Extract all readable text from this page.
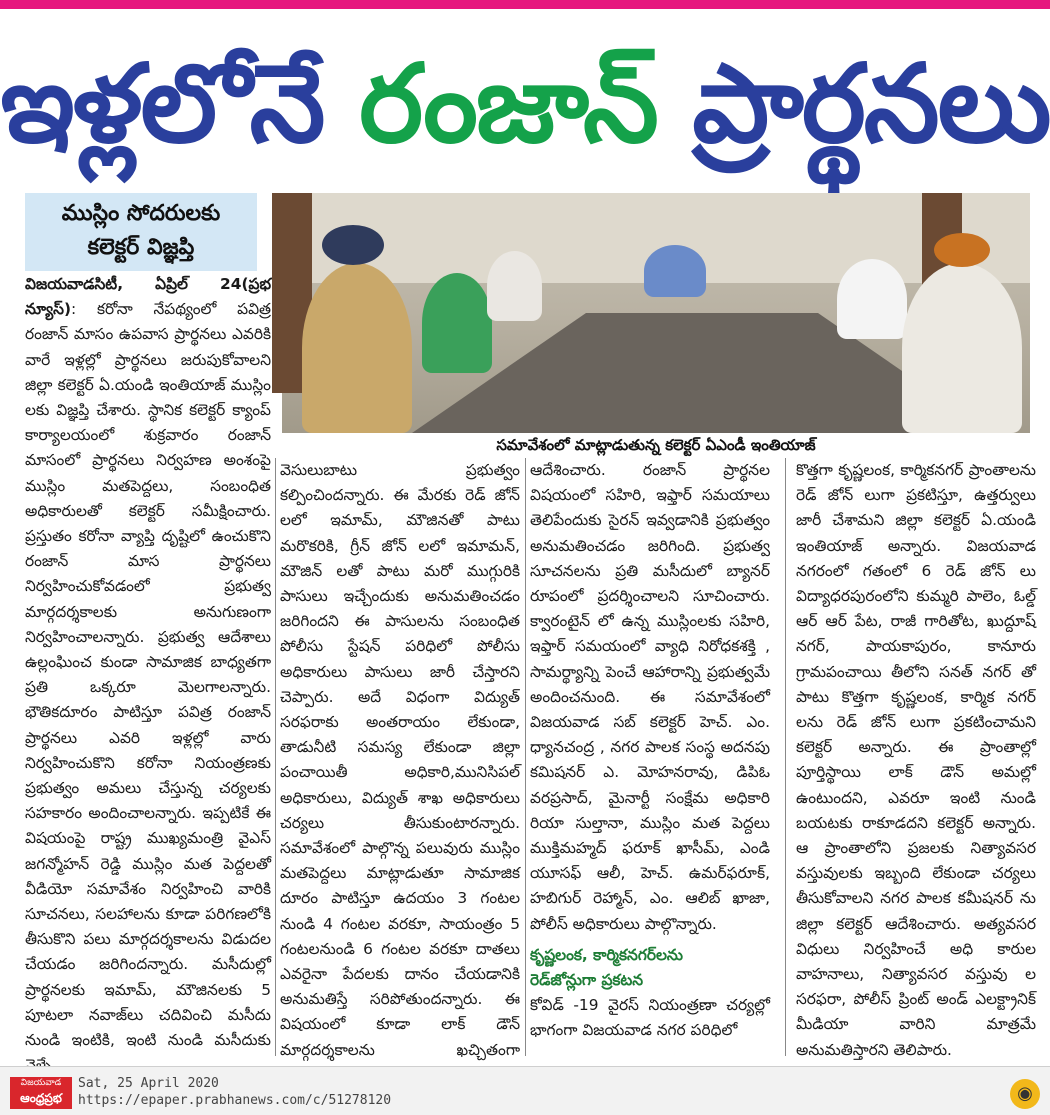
ఇళ్లలోనే రంజాన్ ప్రార్థనలు
ముస్లిం సోదరులకు
కలెక్టర్ విజ్ఞప్తి
సమావేశంలో మాట్లాడుతున్న కలెక్టర్ ఏఎండీ ఇంతియాజ్

విజయవాడసిటీ, ఏప్రిల్ 24(ప్రభ న్యూస్): కరోనా నేపథ్యంలో పవిత్ర రంజాన్ మాసం ఉపవాస ప్రార్థనలు ఎవరికి వారే ఇళ్లల్లో ప్రార్థనలు జరుపుకోవాలని జిల్లా కలెక్టర్ ఏ.యండి ఇంతియాజ్ ముస్లిం లకు విజ్ఞప్తి చేశారు. స్థానిక కలెక్టర్ క్యాంప్ కార్యాలయంలో శుక్రవారం రంజాన్ మాసంలో ప్రార్థనలు నిర్వహణ అంశంపై ముస్లిం మతపెద్దలు, సంబంధిత అధికారులతో కలెక్టర్ సమీక్షించారు. ప్రస్తుతం కరోనా వ్యాప్తి దృష్టిలో ఉంచుకొని రంజాన్ మాస ప్రార్థనలు నిర్వహించుకోవడంలో ప్రభుత్వ మార్గదర్శకాలకు అనుగుణంగా నిర్వహించాలన్నారు. ప్రభుత్వ ఆదేశాలు ఉల్లంఘించ కుండా సామాజిక బాధ్యతగా ప్రతి ఒక్కరూ మెలగాలన్నారు. భౌతికదూరం పాటిస్తూ పవిత్ర రంజాన్ ప్రార్థనలు ఎవరి ఇళ్లల్లో వారు నిర్వహించుకొని కరోనా నియంత్రణకు ప్రభుత్వం అమలు చేస్తున్న చర్యలకు సహకారం అందించాలన్నారు. ఇప్పటికే ఈ విషయంపై రాష్ట్ర ముఖ్యమంత్రి వైఎస్ జగన్మోహన్ రెడ్డి ముస్లిం మత పెద్దలతో వీడియో సమావేశం నిర్వహించి వారికి సూచనలు, సలహాలను కూడా పరిగణలోకి తీసుకొని పలు మార్గదర్శకాలను విడుదల చేయడం జరిగిందన్నారు. మసీదుల్లో ప్రార్థనలకు ఇమామ్, మౌజినలకు 5 పూటలా నవాజ్‌లు చదివించి మసీదు నుండి ఇంటికి, ఇంటి నుండి మసీదుకు

వెసులుబాటు ప్రభుత్వం కల్పించిందన్నారు. ఈ మేరకు రెడ్ జోన్ లలో ఇమామ్, మౌజినతో పాటు మరొకరికి, గ్రీన్ జోన్ లలో ఇమామన్, మౌజిన్ లతో పాటు మరో ముగ్గురికి పాసులు ఇచ్చేందుకు అనుమతించడం జరిగిందని ఈ పాసులను సంబంధిత పోలీసు స్టేషన్ పరిధిలో పోలీసు అధికారులు పాసులు జారీ చేస్తారని చెప్పారు. అదే విధంగా విద్యుత్ సరఫరాకు అంతరాయం లేకుండా, తాడునీటి సమస్య లేకుండా జిల్లా పంచాయితీ అధికారి,మునిసిపల్ అధికారులు, విద్యుత్ శాఖ అధికారులు చర్యలు తీసుకుంటారన్నారు. సమావేశంలో పాల్గొన్న పలువురు ముస్లిం మతపెద్దలు మాట్లాడుతూ సామాజిక దూరం పాటిస్తూ ఉదయం 3 గంటల నుండి 4 గంటల వరకూ, సాయంత్రం 5 గంటలనుండి 6 గంటల వరకూ దాతలు ఎవరైనా పేదలకు దానం చేయడానికి అనుమతిస్తే సరిపోతుందన్నారు. ఈ విషయంలో కూడా లాక్ డౌన్ మార్గదర్శకాలను ఖచ్చితంగా

ఆదేశించారు. రంజాన్ ప్రార్థనల విషయంలో సహిరి, ఇఫ్తార్ సమయాలు తెలిపేందుకు సైరన్ ఇవ్వడానికి ప్రభుత్వం అనుమతించడం జరిగింది. ప్రభుత్వ సూచనలను ప్రతి మసీదులో బ్యానర్ రూపంలో ప్రదర్శించాలని సూచించారు. క్వారంటైన్ లో ఉన్న ముస్లింలకు సహిరి, ఇఫ్తార్ సమయంలో వ్యాధి నిరోధకశక్తి , సామర్థ్యాన్ని పెంచే ఆహారాన్ని ప్రభుత్వమే అందించనుంది. ఈ సమావేశంలో విజయవాడ సబ్ కలెక్టర్ హెచ్. ఎం. ధ్యానచంద్ర , నగర పాలక సంస్థ అదనపు కమిషనర్ ఎ. మోహనరావు, డిపిఓ వరప్రసాద్, మైనార్టీ సంక్షేమ అధికారి రియా సుల్తానా, ముస్లిం మత పెద్దలు ముక్తిమహ్మద్ ఫరూక్ ఖాసీమ్, ఎండి యూసఫ్ ఆలీ, హెచ్. ఉమర్‌ఫరూక్, హబిగుర్ రెహ్మాన్, ఎం. ఆలిబ్ ఖాజా, పోలీస్ అధికారులు పాల్గొన్నారు.

కృష్ణలంక, కార్మికనగర్‌లను

రెడ్‌జోన్లుగా ప్రకటన

కోవిడ్ -19 వైరస్ నియంత్రణా చర్యల్లో భాగంగా విజయవాడ నగర పరిధిలో

కొత్తగా కృష్ణలంక, కార్మికనగర్ ప్రాంతాలను రెడ్ జోన్ లుగా ప్రకటిస్తూ, ఉత్తర్వులు జారీ చేశామని జిల్లా కలెక్టర్ ఏ.యండి ఇంతియాజ్ అన్నారు. విజయవాడ నగరంలో గతంలో 6 రెడ్ జోన్ లు విద్యాధరపురంలోని కుమ్మరి పాలెం, ఓల్డ్ ఆర్ ఆర్ పేట, రాజీ గారితోట, ఖుద్దూష్ నగర్, పాయకాపురం, కానూరు గ్రామపంచాయి తీలోని సనత్ నగర్ తో పాటు కొత్తగా కృష్ణలంక, కార్మిక నగర్ లను రెడ్ జోన్ లుగా ప్రకటించామని కలెక్టర్ అన్నారు. ఈ ప్రాంతాల్లో పూర్తిస్థాయి లాక్ డౌన్ అమల్లో ఉంటుందని, ఎవరూ ఇంటి నుండి బయటకు రాకూడదని కలెక్టర్ అన్నారు. ఆ ప్రాంతాలోని ప్రజలకు నిత్యావసర వస్తువులకు ఇబ్బంది లేకుండా చర్యలు తీసుకోవాలని నగర పాలక కమీషనర్ ను జిల్లా కలెక్టర్ ఆదేశించారు. అత్యవసర విధులు నిర్వహించే అధి కారుల వాహనాలు, నిత్యావసర వస్తువు ల సరఫరా, పోలీస్ ప్రింట్ అండ్ ఎలక్ట్రానిక్ మీడియా వారిని మాత్రమే అనుమతిస్తారని తెలిపారు.

విజయవాడ
ఆంధ్రప్రభ
Sat, 25 April 2020
https://epaper.prabhanews.com/c/51278120	◉
